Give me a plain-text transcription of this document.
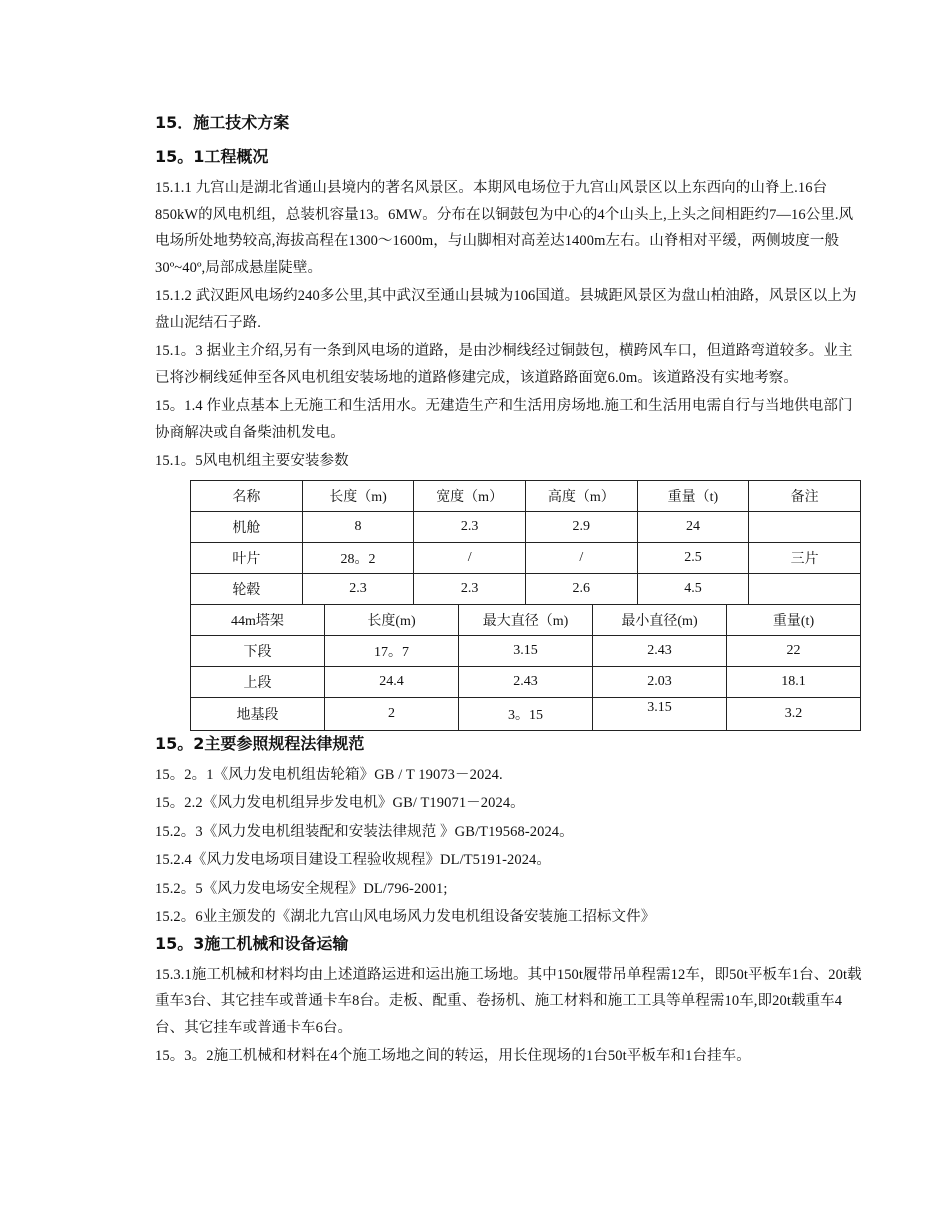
15．施工技术方案
15。1工程概况

15.1.1 九宫山是湖北省通山县境内的著名风景区。本期风电场位于九宫山风景区以上东西向的山脊上.16台850kW的风电机组，总装机容量13。6MW。分布在以铜鼓包为中心的4个山头上,上头之间相距约7—16公里.风电场所处地势较高,海拔高程在1300～1600m，与山脚相对高差达1400m左右。山脊相对平缓，两侧坡度一般30º~40º,局部成悬崖陡壁。

15.1.2 武汉距风电场约240多公里,其中武汉至通山县城为106国道。县城距风景区为盘山柏油路，风景区以上为盘山泥结石子路.

15.1。3 据业主介绍,另有一条到风电场的道路，是由沙桐线经过铜鼓包，横跨风车口，但道路弯道较多。业主已将沙桐线延伸至各风电机组安装场地的道路修建完成，该道路路面宽6.0m。该道路没有实地考察。

15。1.4 作业点基本上无施工和生活用水。无建造生产和生活用房场地.施工和生活用电需自行与当地供电部门协商解决或自备柴油机发电。

15.1。5风电机组主要安装参数

名称	长度（m)	宽度（m）	高度（m）	重量（t)	备注
机舱	8	2.3	2.9	24	
叶片	28。2	/	/	2.5	三片
轮毂	2.3	2.3	2.6	4.5	
44m塔架	长度(m)	最大直径（m)	最小直径(m)	重量(t)
下段	17。7	3.15	2.43	22
上段	24.4	2.43	2.03	18.1
地基段	2	3。15	3.15	3.2
15。2主要参照规程法律规范

15。2。1《风力发电机组齿轮箱》GB / T 19073－2024.

15。2.2《风力发电机组异步发电机》GB/ T19071－2024。

15.2。3《风力发电机组装配和安装法律规范 》GB/T19568-2024。

15.2.4《风力发电场项目建设工程验收规程》DL/T5191-2024。

15.2。5《风力发电场安全规程》DL/796-2001;

15.2。6业主颁发的《湖北九宫山风电场风力发电机组设备安装施工招标文件》

15。3施工机械和设备运输

15.3.1施工机械和材料均由上述道路运进和运出施工场地。其中150t履带吊单程需12车，即50t平板车1台、20t载重车3台、其它挂车或普通卡车8台。走板、配重、卷扬机、施工材料和施工工具等单程需10车,即20t载重车4台、其它挂车或普通卡车6台。

15。3。2施工机械和材料在4个施工场地之间的转运，用长住现场的1台50t平板车和1台挂车。
